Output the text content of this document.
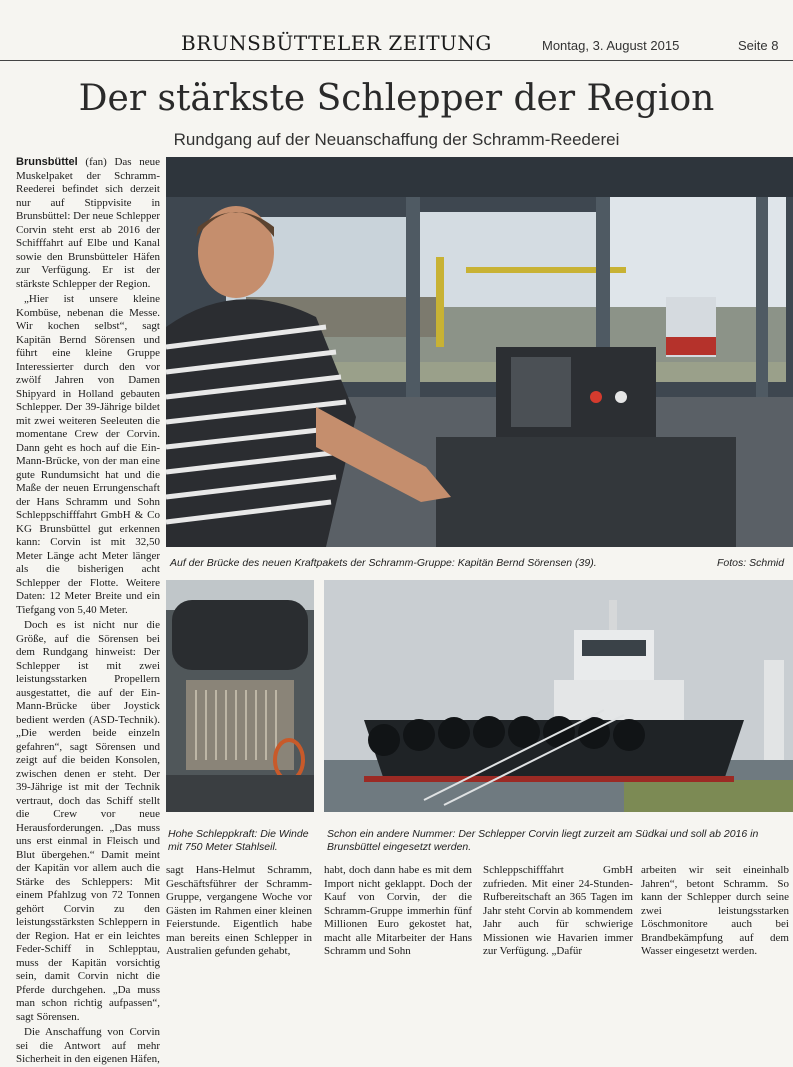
BRUNSBÜTTELER ZEITUNG	Montag, 3. August 2015	Seite 8
Der stärkste Schlepper der Region
Rundgang auf der Neuanschaffung der Schramm-Reederei

Brunsbüttel (fan) Das neue Muskelpaket der Schramm-Reederei befindet sich derzeit nur auf Stippvisite in Brunsbüttel: Der neue Schlepper Corvin steht erst ab 2016 der Schifffahrt auf Elbe und Kanal sowie den Brunsbütteler Häfen zur Verfügung. Er ist der stärkste Schlepper der Region.

„Hier ist unsere kleine Kombüse, nebenan die Messe. Wir kochen selbst“, sagt Kapitän Bernd Sörensen und führt eine kleine Gruppe Interessierter durch den vor zwölf Jahren von Damen Shipyard in Holland gebauten Schlepper. Der 39-Jährige bildet mit zwei weiteren Seeleuten die momentane Crew der Corvin. Dann geht es hoch auf die Ein-Mann-Brücke, von der man eine gute Rundumsicht hat und die Maße der neuen Errungenschaft der Hans Schramm und Sohn Schleppschifffahrt GmbH & Co KG Brunsbüttel gut erkennen kann: Corvin ist mit 32,50 Meter Länge acht Meter länger als die bisherigen acht Schlepper der Flotte. Weitere Daten: 12 Meter Breite und ein Tiefgang von 5,40 Meter.

Doch es ist nicht nur die Größe, auf die Sörensen bei dem Rundgang hinweist: Der Schlepper ist mit zwei leistungsstarken Propellern ausgestattet, die auf der Ein-Mann-Brücke über Joystick bedient werden (ASD-Technik). „Die werden beide einzeln gefahren“, sagt Sörensen und zeigt auf die beiden Konsolen, zwischen denen er steht. Der 39-Jährige ist mit der Technik vertraut, doch das Schiff stellt die Crew vor neue Herausforderungen. „Das muss uns erst einmal in Fleisch und Blut übergehen.“ Damit meint der Kapitän vor allem auch die Stärke des Schleppers: Mit einem Pfahlzug von 72 Tonnen gehört Corvin zu den leistungsstärksten Schleppern in der Region. Hat er ein leichtes Feder-Schiff in Schlepptau, muss der Kapitän vorsichtig sein, damit Corvin nicht die Pferde durchgehen. „Da muss man schon richtig aufpassen“, sagt Sörensen.

Die Anschaffung von Corvin sei die Antwort auf mehr Sicherheit in den eigenen Häfen,

Auf der Brücke des neuen Kraftpakets der Schramm-Gruppe: Kapitän Bernd Sörensen (39).	Fotos: Schmid
Hohe Schleppkraft: Die Winde mit 750 Meter Stahlseil.
Schon ein andere Nummer: Der Schlepper Corvin liegt zurzeit am Südkai und soll ab 2016 in Brunsbüttel eingesetzt werden.

sagt Hans-Helmut Schramm, Geschäftsführer der Schramm-Gruppe, vergangene Woche vor Gästen im Rahmen einer kleinen Feierstunde. Eigentlich habe man bereits einen Schlepper in Australien gefunden gehabt,

habt, doch dann habe es mit dem Import nicht geklappt. Doch der Kauf von Corvin, der die Schramm-Gruppe immerhin fünf Millionen Euro gekostet hat, macht alle Mitarbeiter der Hans Schramm und Sohn

Schleppschifffahrt GmbH zufrieden. Mit einer 24-Stunden-Rufbereitschaft an 365 Tagen im Jahr steht Corvin ab kommendem Jahr auch für schwierige Missionen wie Havarien immer zur Verfügung. „Dafür

arbeiten wir seit eineinhalb Jahren“, betont Schramm. So kann der Schlepper durch seine zwei leistungsstarken Löschmonitore auch bei Brandbekämpfung auf dem Wasser eingesetzt werden.
